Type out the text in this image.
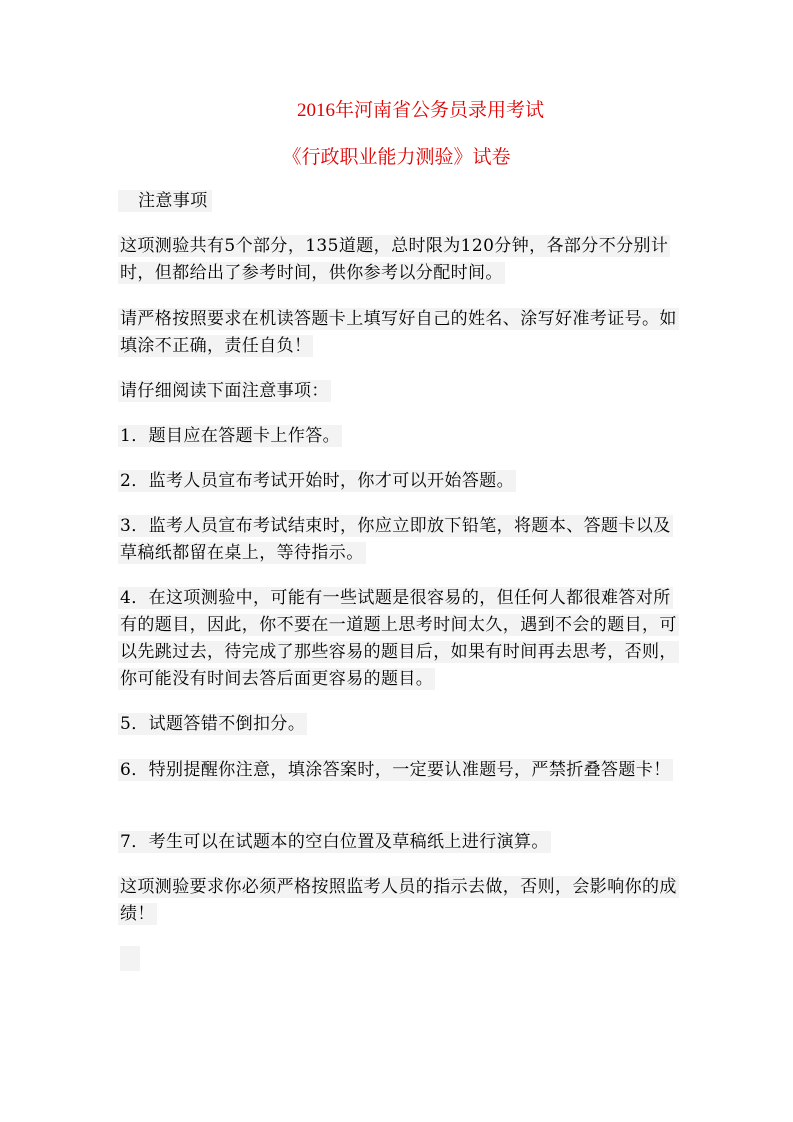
2016年河南省公务员录用考试
《行政职业能力测验》试卷
注意事项
这项测验共有5个部分，135道题，总时限为120分钟，各部分不分别计时，但都给出了参考时间，供你参考以分配时间。
请严格按照要求在机读答题卡上填写好自己的姓名、涂写好准考证号。如填涂不正确，责任自负！
请仔细阅读下面注意事项：
1．题目应在答题卡上作答。
2．监考人员宣布考试开始时，你才可以开始答题。
3．监考人员宣布考试结束时，你应立即放下铅笔，将题本、答题卡以及草稿纸都留在桌上，等待指示。
4．在这项测验中，可能有一些试题是很容易的，但任何人都很难答对所有的题目，因此，你不要在一道题上思考时间太久，遇到不会的题目，可以先跳过去，待完成了那些容易的题目后，如果有时间再去思考，否则，你可能没有时间去答后面更容易的题目。
5．试题答错不倒扣分。
6．特别提醒你注意，填涂答案时，一定要认准题号，严禁折叠答题卡！
7．考生可以在试题本的空白位置及草稿纸上进行演算。
这项测验要求你必须严格按照监考人员的指示去做，否则，会影响你的成绩！
